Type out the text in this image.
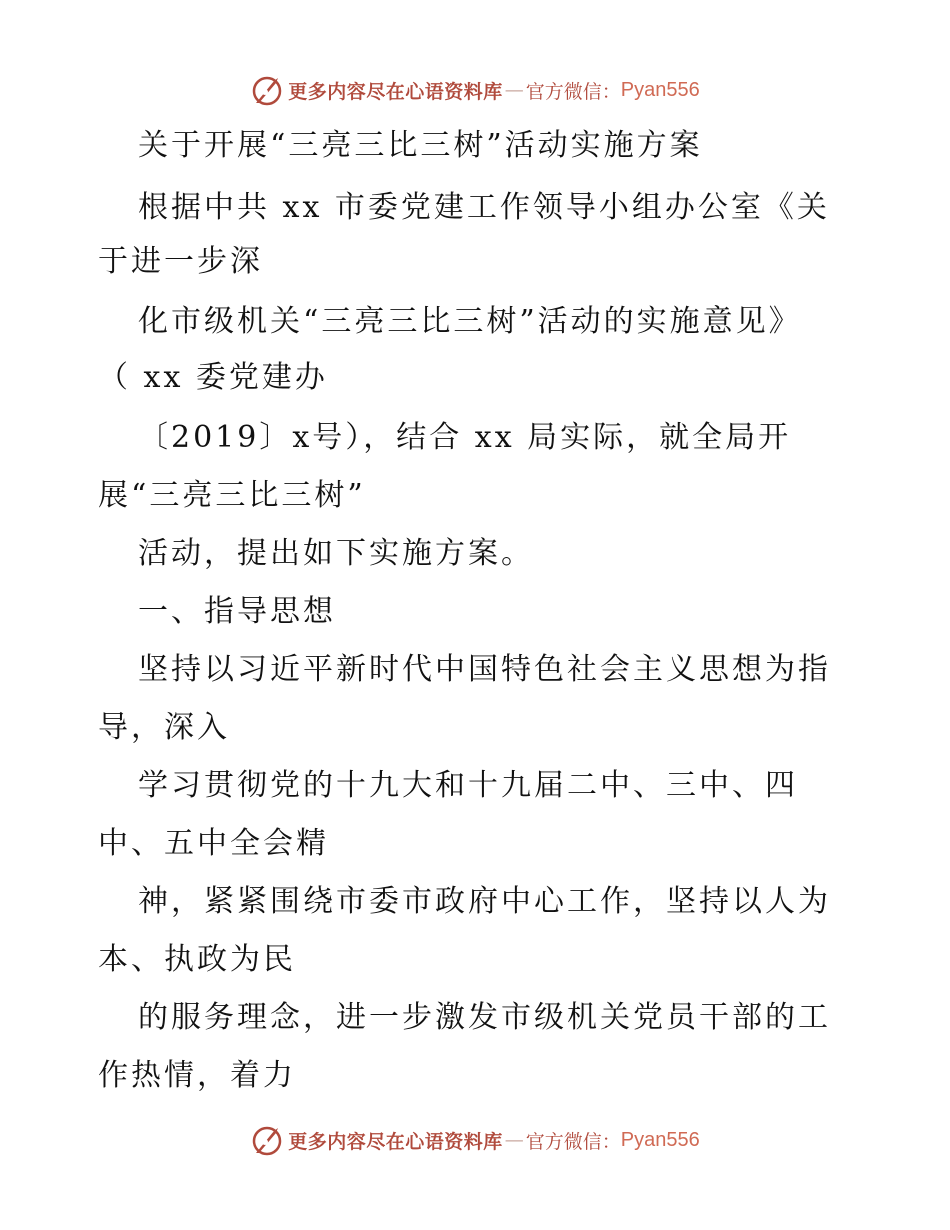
更多内容尽在心语资料库 — 官方微信： Pyan556
关于开展“三亮三比三树”活动实施方案
根据中共 xx 市委党建工作领导小组办公室《关
于进一步深
化市级机关“三亮三比三树”活动的实施意见》
（ xx 委党建办
〔2019〕x号），结合 xx 局实际，就全局开
展“三亮三比三树”
活动，提出如下实施方案。
一、指导思想
坚持以习近平新时代中国特色社会主义思想为指
导，深入
学习贯彻党的十九大和十九届二中、三中、四
中、五中全会精
神，紧紧围绕市委市政府中心工作，坚持以人为
本、执政为民
的服务理念，进一步激发市级机关党员干部的工
作热情，着力
更多内容尽在心语资料库 — 官方微信： Pyan556
